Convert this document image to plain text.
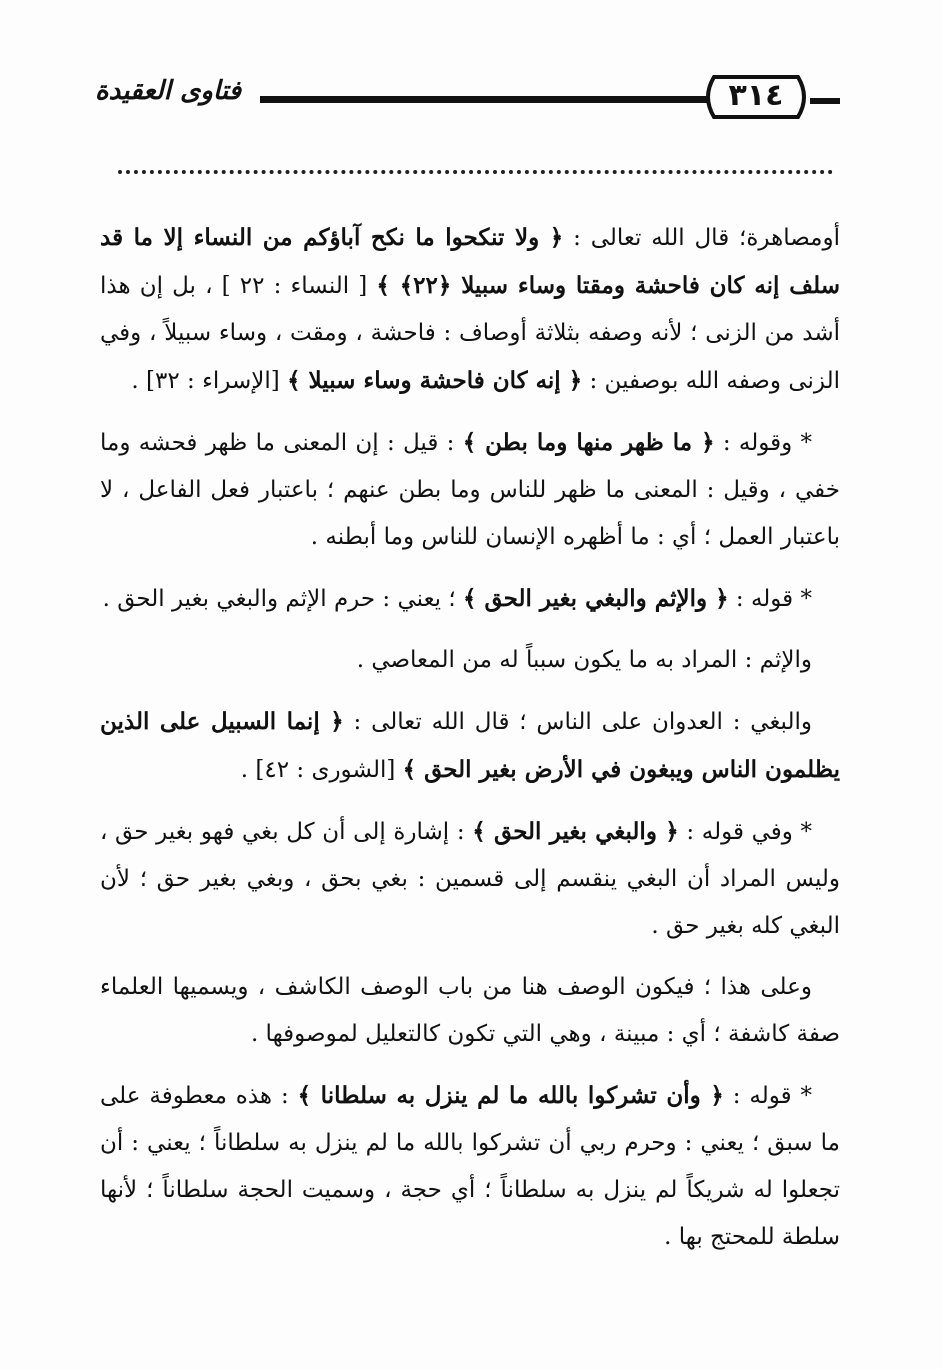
فتاوى العقيدة	٣١٤

أومصاهرة؛ قال الله تعالى : ﴿ ولا تنكحوا ما نكح آباؤكم من النساء إلا ما قد سلف إنه كان فاحشة ومقتا وساء سبيلا ﴿٢٢﴾ ﴾ [ النساء : ٢٢ ] ، بل إن هذا أشد من الزنى ؛ لأنه وصفه بثلاثة أوصاف : فاحشة ، ومقت ، وساء سبيلاً ، وفي الزنى وصفه الله بوصفين : ﴿ إنه كان فاحشة وساء سبيلا ﴾ [الإسراء : ٣٢] .

* وقوله : ﴿ ما ظهر منها وما بطن ﴾ : قيل : إن المعنى ما ظهر فحشه وما خفي ، وقيل : المعنى ما ظهر للناس وما بطن عنهم ؛ باعتبار فعل الفاعل ، لا باعتبار العمل ؛ أي : ما أظهره الإنسان للناس وما أبطنه .

* قوله : ﴿ والإثم والبغي بغير الحق ﴾ ؛ يعني : حرم الإثم والبغي بغير الحق .

والإثم : المراد به ما يكون سبباً له من المعاصي .

والبغي : العدوان على الناس ؛ قال الله تعالى : ﴿ إنما السبيل على الذين يظلمون الناس ويبغون في الأرض بغير الحق ﴾ [الشورى : ٤٢] .

* وفي قوله : ﴿ والبغي بغير الحق ﴾ : إشارة إلى أن كل بغي فهو بغير حق ، وليس المراد أن البغي ينقسم إلى قسمين : بغي بحق ، وبغي بغير حق ؛ لأن البغي كله بغير حق .

وعلى هذا ؛ فيكون الوصف هنا من باب الوصف الكاشف ، ويسميها العلماء صفة كاشفة ؛ أي : مبينة ، وهي التي تكون كالتعليل لموصوفها .

* قوله : ﴿ وأن تشركوا بالله ما لم ينزل به سلطانا ﴾ : هذه معطوفة على ما سبق ؛ يعني : وحرم ربي أن تشركوا بالله ما لم ينزل به سلطاناً ؛ يعني : أن تجعلوا له شريكاً لم ينزل به سلطاناً ؛ أي حجة ، وسميت الحجة سلطاناً ؛ لأنها سلطة للمحتج بها .
